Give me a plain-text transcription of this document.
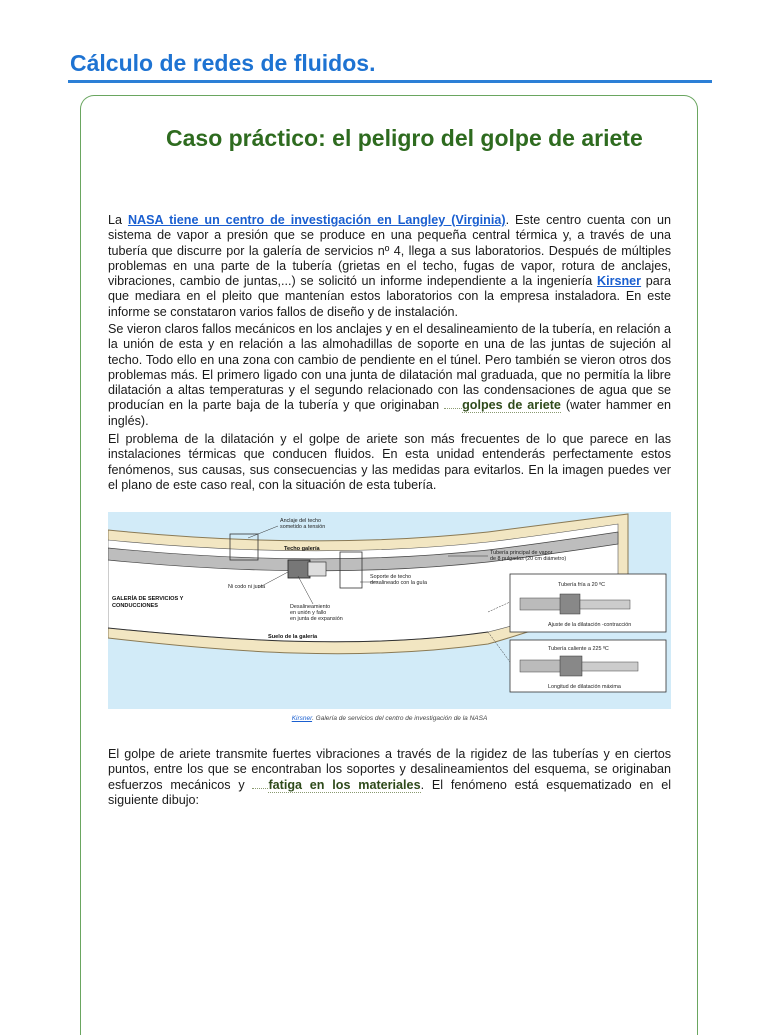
Cálculo de redes de fluidos.
Caso práctico: el peligro del golpe de ariete

La NASA tiene un centro de investigación en Langley (Virginia). Este centro cuenta con un sistema de vapor a presión que se produce en una pequeña central térmica y, a través de una tubería que discurre por la galería de servicios nº 4, llega a sus laboratorios. Después de múltiples problemas en una parte de la tubería (grietas en el techo, fugas de vapor, rotura de anclajes, vibraciones, cambio de juntas,...) se solicitó un informe independiente a la ingeniería Kirsner para que mediara en el pleito que mantenían estos laboratorios con la empresa instaladora. En este informe se constataron varios fallos de diseño y de instalación.

Se vieron claros fallos mecánicos en los anclajes y en el desalineamiento de la tubería, en relación a la unión de esta y en relación a las almohadillas de soporte en una de las juntas de sujeción al techo. Todo ello en una zona con cambio de pendiente en el túnel. Pero también se vieron otros dos problemas más. El primero ligado con una junta de dilatación mal graduada, que no permitía la libre dilatación a altas temperaturas y el segundo relacionado con las condensaciones de agua que se producían en la parte baja de la tubería y que originaban golpes de ariete (water hammer en inglés).

El problema de la dilatación y el golpe de ariete son más frecuentes de lo que parece en las instalaciones térmicas que conducen fluidos. En esta unidad entenderás perfectamente estos fenómenos, sus causas, sus consecuencias y las medidas para evitarlos. En la imagen puedes ver el plano de este caso real, con la situación de esta tubería.

Anclaje del techo
sometido a tensión
Techo galería
Tubería principal de vapor
de 8 pulgadas (20 cm diámetro)
Soporte de techo
desalineado con la guía
GALERÍA DE SERVICIOS Y
CONDUCCIONES
Ni codo ni junta
Desalineamiento
en unión y fallo
en junta de expansión
Suelo de la galería
Tubería fría a 20 ºC
Ajuste de la dilatación -contracción
Tubería caliente a 225 ºC
Longitud de dilatación máxima
Kirsner. Galería de servicios del centro de investigación de la NASA

El golpe de ariete transmite fuertes vibraciones a través de la rigidez de las tuberías y en ciertos puntos, entre los que se encontraban los soportes y desalineamientos del esquema, se originaban esfuerzos mecánicos y fatiga en los materiales. El fenómeno está esquematizado en el siguiente dibujo:
